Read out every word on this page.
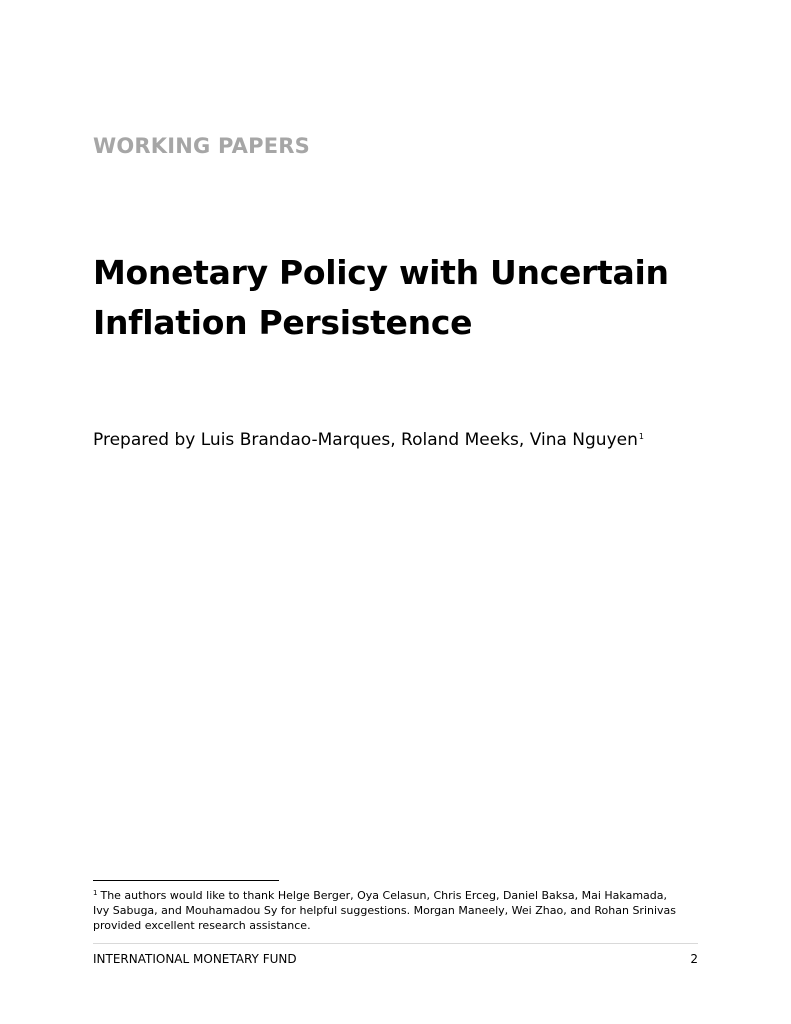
WORKING PAPERS
Monetary Policy with Uncertain
Inflation Persistence
Prepared by Luis Brandao-Marques, Roland Meeks, Vina Nguyen$^1$
$^1$ The authors would like to thank Helge Berger, Oya Celasun, Chris Erceg, Daniel Baksa, Mai Hakamada,
Ivy Sabuga, and Mouhamadou Sy for helpful suggestions. Morgan Maneely, Wei Zhao, and Rohan Srinivas
provided excellent research assistance.
INTERNATIONAL MONETARY FUND	2
